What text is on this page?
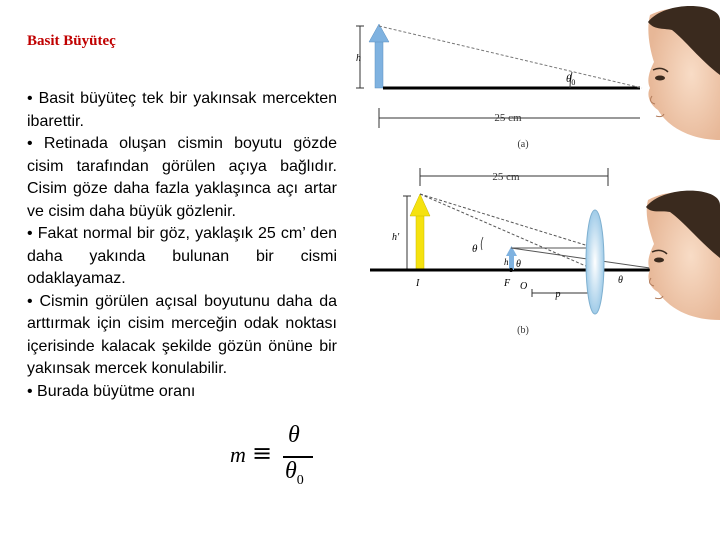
Basit Büyüteç

• Basit büyüteç tek bir yakınsak mercekten ibarettir.

• Retinada oluşan cismin boyutu gözde cisim tarafından görülen açıya bağlıdır. Cisim göze daha fazla yaklaşınca açı artar ve cisim daha büyük gözlenir.

• Fakat normal bir göz, yaklaşık 25 cm’ den daha yakında bulunan bir cismi odaklayamaz.

• Cismin görülen açısal boyutunu daha da arttırmak için cisim merceğin odak noktası içerisinde kalacak şekilde gözün önüne bir yakınsak mercek konulabilir.

• Burada büyütme oranı

m ≡
θ
$\theta_0$
h
$\theta_0$
25 cm
(a)
25 cm
h′
I
h
θ
θ
F O
p
θ
(b)
